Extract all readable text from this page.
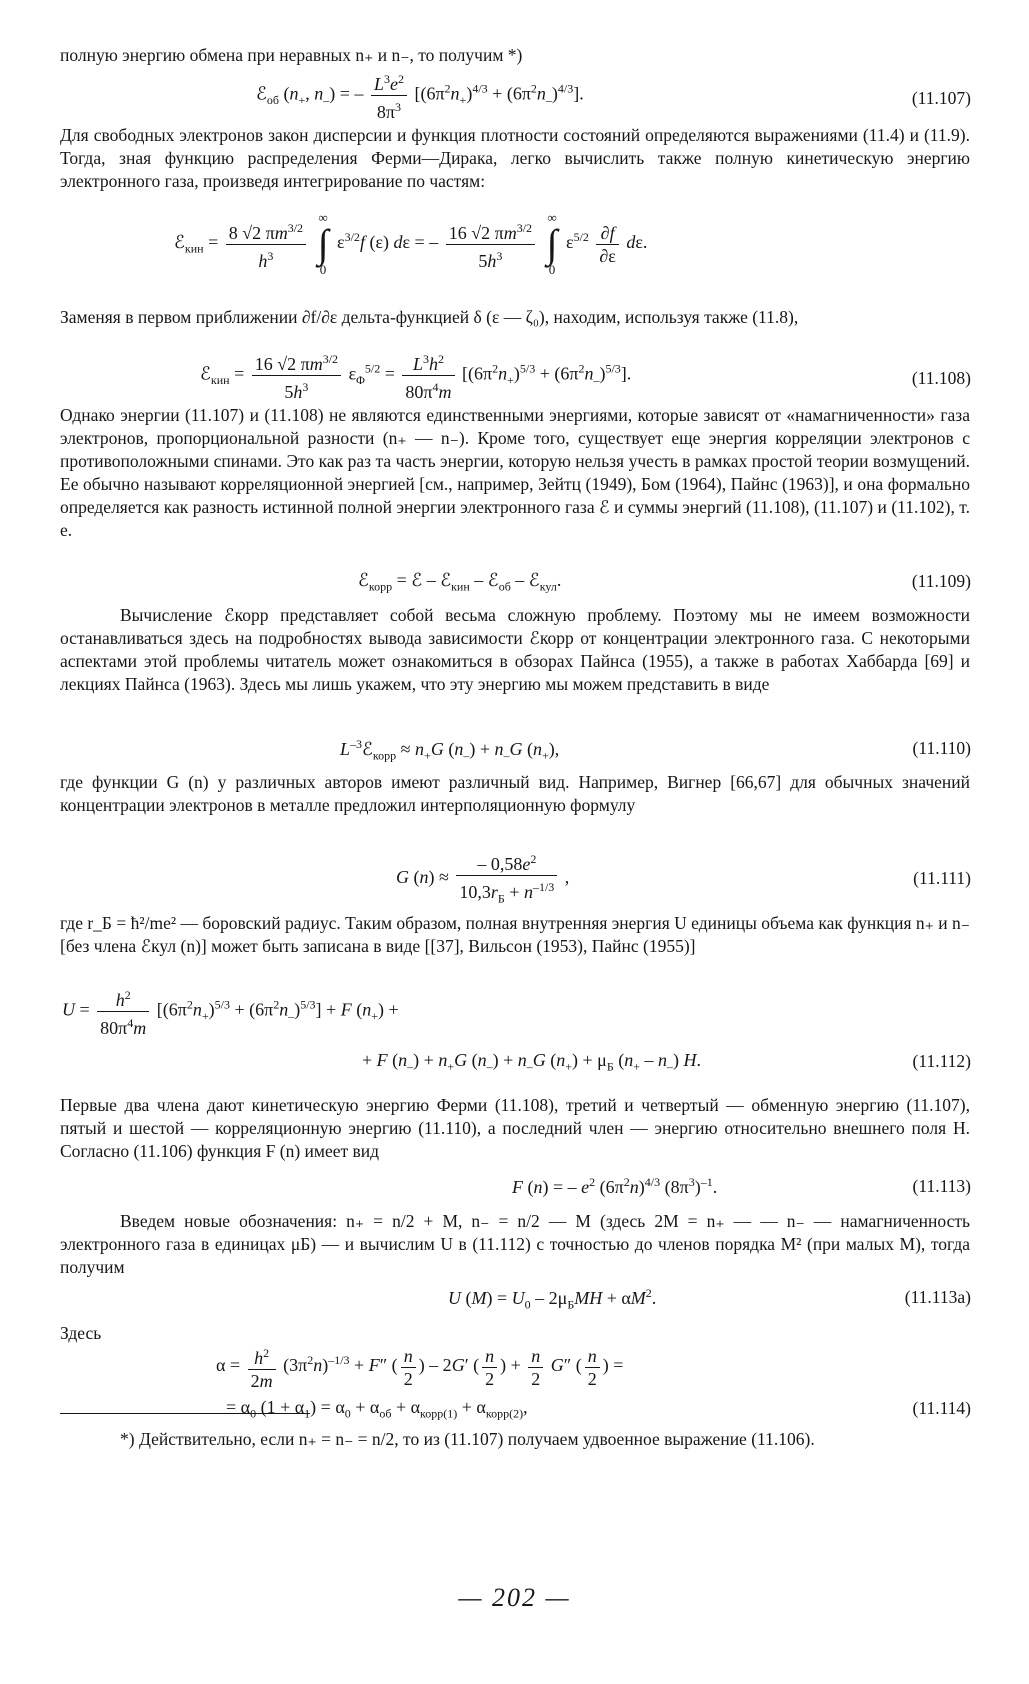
полную энергию обмена при неравных n₊ и n₋, то получим *)

ℰ$_{об}$ ($n_+$, $n_-$) = – $\frac{L^3e^2}{8\pi^3} [(6\pi^2n_+)^{4/3} + (6\pi^2n_-)^{4/3}]$.	(11.107)

Для свободных электронов закон дисперсии и функция плотности состояний определяются выражениями (11.4) и (11.9). Тогда, зная функцию распределения Ферми—Дирака, легко вычислить также полную кинетическую энергию электронного газа, произведя интегрирование по частям:

ℰ$_{кин}$ = $\frac{8 √2 \pi m^{3/2}}{h^3}$
∞
∫
0
$\varepsilon^{3/2}f$ (ε) dε = – $\frac{16 √2 \pi m^{3/2}}{5h^3}$
∞
∫
0
$\varepsilon^{5/2} \frac{\partial f}{\partial\varepsilon} d\varepsilon$.

Заменяя в первом приближении ∂f/∂ε дельта-функцией δ (ε — ζ₀), находим, используя также (11.8),

ℰ$_{кин}$ = $\frac{16 √2 \pi m^{3/2}}{5h^3} \varepsilon_\Phi^{5/2} = \frac{L^3h^2}{80\pi^4m} [(6\pi^2n_+)^{5/3} + (6\pi^2n_-)^{5/3}]$.	(11.108)

Однако энергии (11.107) и (11.108) не являются единственными энергиями, которые зависят от «намагниченности» газа электронов, пропорциональной разности (n₊ — n₋). Кроме того, существует еще энергия корреляции электронов с противоположными спинами. Это как раз та часть энергии, которую нельзя учесть в рамках простой теории возмущений. Ее обычно называют корреляционной энергией [см., например, Зейтц (1949), Бом (1964), Пайнс (1963)], и она формально определяется как разность истинной полной энергии электронного газа ℰ и суммы энергий (11.108), (11.107) и (11.102), т. е.

ℰ$_{корр}$ = ℰ – ℰ$_{кин}$ – ℰ$_{об}$ – ℰ$_{кул}$.	(11.109)

Вычисление ℰкорр представляет собой весьма сложную проблему. Поэтому мы не имеем возможности останавливаться здесь на подробностях вывода зависимости ℰкорр от концентрации электронного газа. С некоторыми аспектами этой проблемы читатель может ознакомиться в обзорах Пайнса (1955), а также в работах Хаббарда [69] и лекциях Пайнса (1963). Здесь мы лишь укажем, что эту энергию мы можем представить в виде

$L^{-3}ℰ_{корр} \approx n_+G$ $(n_-) + n_-G$ $(n_+)$,	(11.110)

где функции G (n) у различных авторов имеют различный вид. Например, Вигнер [66,67] для обычных значений концентрации электронов в металле предложил интерполяционную формулу

G (n) ≈
– $0,58e^2$
$10,3r_Б + n^{-1/3}$
,	(11.111)

где r_Б = ħ²/me² — боровский радиус. Таким образом, полная внутренняя энергия U единицы объема как функция n₊ и n₋ [без члена ℰкул (n)] может быть записана в виде [[37], Вильсон (1953), Пайнс (1955)]

$U = \frac{h^2}{80\pi^4m} [(6\pi^2n_+)^{5/3} + (6\pi^2n_-)^{5/3}] + F$ $(n_+)$ +
+ F $(n_-) + n_+G$ $(n_-) + n_-G$ $(n_+) + \mu_Б$ $(n_+ - n_-)$ H.	(11.112)

Первые два члена дают кинетическую энергию Ферми (11.108), третий и четвертый — обменную энергию (11.107), пятый и шестой — корреляционную энергию (11.110), а последний член — энергию относительно внешнего поля H. Согласно (11.106) функция F (n) имеет вид

F (n) = – $e^2$ $(6\pi^2n)^{4/3}$ $(8\pi^3)^{-1}$.	(11.113)

Введем новые обозначения: n₊ = n/2 + M, n₋ = n/2 — M (здесь 2M = n₊ — — n₋ — намагниченность электронного газа в единицах μБ) — и вычислим U в (11.112) с точностью до членов порядка M² (при малых M), тогда получим

U $(M) = U_0 - 2\mu_БMH + \alpha M^2$.	(11.113а)

Здесь

$\alpha = \frac{h^2}{2m} (3\pi^2n)^{-1/3} + F''$ ( $\frac{n}{2}$ ) – 2G′ ( $\frac{n}{2}$ ) + $\frac{n}{2} G''$ ( $\frac{n}{2}$ ) =
= $\alpha_0$ $(1 + \alpha_1) = \alpha_0 + \alpha_{об} + \alpha_{корр(1)} + \alpha_{корр(2)}$,	(11.114)

*) Действительно, если n₊ = n₋ = n/2, то из (11.107) получаем удвоенное выражение (11.106).

— 202 —
